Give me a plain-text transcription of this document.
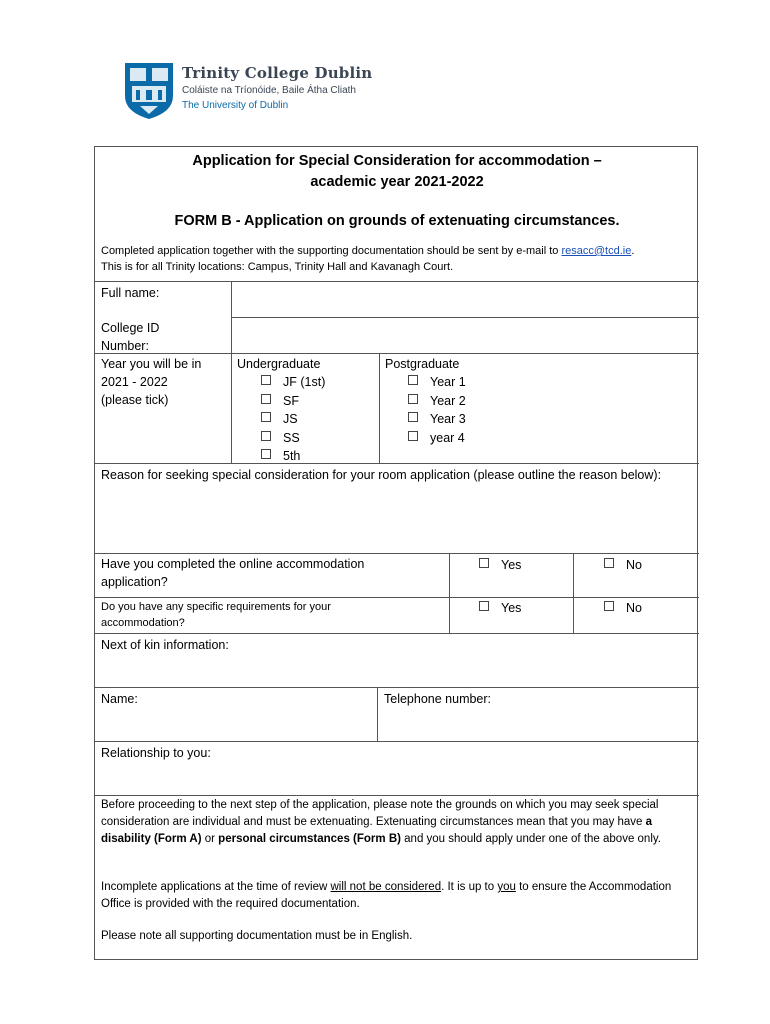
Trinity College Dublin
Coláiste na Tríonóide, Baile Átha Cliath
The University of Dublin
Application for Special Consideration for accommodation –
academic year 2021-2022
FORM B - Application on grounds of extenuating circumstances.
Completed application together with the supporting documentation should be sent by e-mail to resacc@tcd.ie.
This is for all Trinity locations: Campus, Trinity Hall and Kavanagh Court.
Full name:
College ID
Number:
Year you will be in
2021 - 2022
(please tick)
Undergraduate
JF (1st)
SF
JS
SS
5th
Postgraduate
Year 1
Year 2
Year 3
year 4
Reason for seeking special consideration for your room application (please outline the reason below):
Have you completed the online accommodation
application?
Yes	No
Do you have any specific requirements for your
accommodation?
Yes	No
Next of kin information:
Name:	Telephone number:
Relationship to you:
Before proceeding to the next step of the application, please note the grounds on which you may seek special consideration are individual and must be extenuating. Extenuating circumstances mean that you may have a disability (Form A) or personal circumstances (Form B) and you should apply under one of the above only.
Incomplete applications at the time of review will not be considered. It is up to you to ensure the Accommodation Office is provided with the required documentation.
Please note all supporting documentation must be in English.
